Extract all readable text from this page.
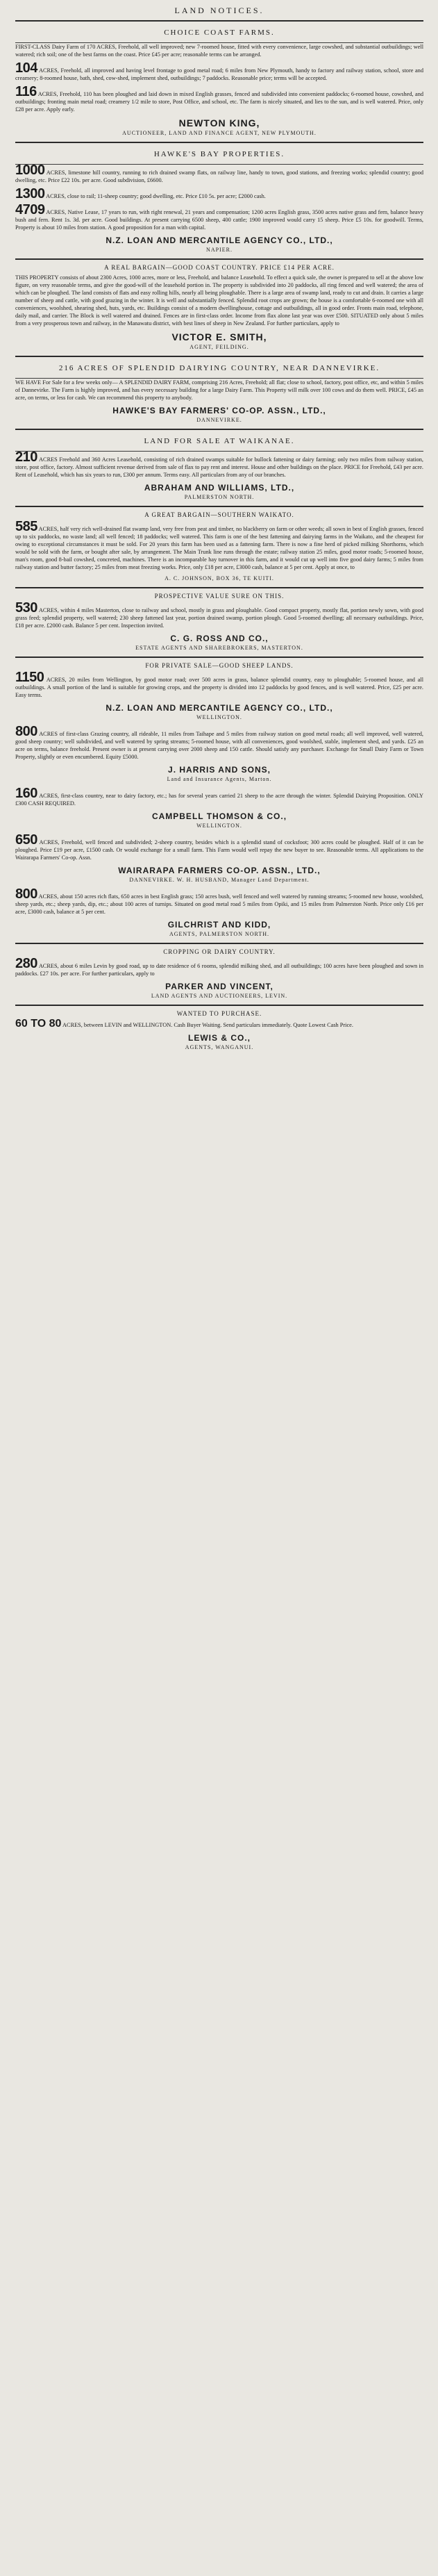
LAND NOTICES.
CHOICE COAST FARMS.

FIRST-CLASS Dairy Farm of 170 ACRES, Freehold, all well improved; new 7-roomed house, fitted with every convenience, large cowshed, and substantial outbuildings; well watered; rich soil; one of the best farms on the coast. Price £45 per acre; reasonable terms can be arranged.

104 ACRES, Freehold, all improved and having level frontage to good metal road; 6 miles from New Plymouth, handy to factory and railway station, school, store and creamery; 8-roomed house, bath, shed, cow-shed, implement shed, outbuildings; 7 paddocks. Reasonable price; terms will be accepted.

116 ACRES, Freehold, 110 has been ploughed and laid down in mixed English grasses, fenced and subdivided into convenient paddocks; 6-roomed house, cowshed, and outbuildings; fronting main metal road; creamery 1/2 mile to store, Post Office, and school, etc. The farm is nicely situated, and lies to the sun, and is well watered. Price, only £28 per acre. Apply early.

NEWTON KING,
AUCTIONEER, LAND AND FINANCE AGENT, NEW PLYMOUTH.
HAWKE'S BAY PROPERTIES.

1000 ACRES, limestone hill country, running to rich drained swamp flats, on railway line, handy to town, good stations, and freezing works; splendid country; good dwelling, etc. Price £22 10s. per acre. Good subdivision, £6600.

1300 ACRES, close to rail; 11-sheep country; good dwelling, etc. Price £10 5s. per acre; £2000 cash.

4709 ACRES, Native Lease, 17 years to run, with right renewal, 21 years and compensation; 1200 acres English grass, 3500 acres native grass and fern, balance heavy bush and fern. Rent 1s. 3d. per acre. Good buildings. At present carrying 6500 sheep, 400 cattle; 1900 improved would carry 15 sheep. Price £5 10s. for goodwill. Terms, Property is about 10 miles from station. A good proposition for a man with capital.

N.Z. LOAN AND MERCANTILE AGENCY CO., LTD.,
NAPIER.
A REAL BARGAIN—GOOD COAST COUNTRY. PRICE £14 PER ACRE.

THIS PROPERTY consists of about 2300 Acres, 1000 acres, more or less, Freehold, and balance Leasehold. To effect a quick sale, the owner is prepared to sell at the above low figure, on very reasonable terms, and give the good-will of the leasehold portion in. The property is subdivided into 20 paddocks, all ring fenced and well watered; the area of which can be ploughed. The land consists of flats and easy rolling hills, nearly all being ploughable. There is a large area of swamp land, ready to cut and drain. It carries a large number of sheep and cattle, with good grazing in the winter. It is well and substantially fenced. Splendid root crops are grown; the house is a comfortable 6-roomed one with all conveniences, woolshed, shearing shed, huts, yards, etc. Buildings consist of a modern dwellinghouse, cottage and outbuildings, all in good order. Fronts main road, telephone, daily mail, and carrier. The Block is well watered and drained. Fences are in first-class order. Income from flax alone last year was over £500. SITUATED only about 5 miles from a very prosperous town and railway, in the Manawatu district, with best lines of sheep in New Zealand. For further particulars, apply to

VICTOR E. SMITH,
AGENT, FEILDING.
216 ACRES OF SPLENDID DAIRYING COUNTRY, NEAR DANNEVIRKE.

WE HAVE For Sale for a few weeks only— A SPLENDID DAIRY FARM, comprising 216 Acres, Freehold; all flat; close to school, factory, post office, etc, and within 5 miles of Dannevirke. The Farm is highly improved, and has every necessary building for a large Dairy Farm. This Property will milk over 100 cows and do them well. PRICE, £45 an acre, on terms, or less for cash. We can recommend this property to anybody.

HAWKE'S BAY FARMERS' CO-OP. ASSN., LTD.,
DANNEVIRKE.
LAND FOR SALE AT WAIKANAE.

210 ACRES Freehold and 360 Acres Leasehold, consisting of rich drained swamps suitable for bullock fattening or dairy farming; only two miles from railway station, store, post office, factory. Almost sufficient revenue derived from sale of flax to pay rent and interest. House and other buildings on the place. PRICE for Freehold, £43 per acre. Rent of Leasehold, which has six years to run, £300 per annum. Terms easy. All particulars from any of our branches.

ABRAHAM AND WILLIAMS, LTD.,
PALMERSTON NORTH.
A GREAT BARGAIN—SOUTHERN WAIKATO.

585 ACRES, half very rich well-drained flat swamp land, very free from peat and timber, no blackberry on farm or other weeds; all sown in best of English grasses, fenced up to six paddocks, no waste land; all well fenced; 18 paddocks; well watered. This farm is one of the best fattening and dairying farms in the Waikato, and the cheapest for owing to exceptional circumstances it must be sold. For 20 years this farm has been used as a fattening farm. There is now a fine herd of picked milking Shorthorns, which would be sold with the farm, or bought after sale, by arrangement. The Main Trunk line runs through the estate; railway station 25 miles, good motor roads; 5-roomed house, man's room, good 8-bail cowshed, concreted, machines. There is an incomparable hay turnover in this farm, and it would cut up well into five good dairy farms; 5 miles from railway station and butter factory; 25 miles from meat freezing works. Price, only £18 per acre, £3000 cash, balance at 5 per cent. Apply at once, to

A. C. JOHNSON, BOX 36, TE KUITI.
PROSPECTIVE VALUE SURE ON THIS.

530 ACRES, within 4 miles Masterton, close to railway and school, mostly in grass and ploughable. Good compact property, mostly flat, portion newly sown, with good grass feed; splendid property, well watered; 230 sheep fattened last year, portion drained swamp, portion plough. Good 5-roomed dwelling; all necessary outbuildings. Price, £18 per acre. £2000 cash. Balance 5 per cent. Inspection invited.

C. G. ROSS AND CO.,
ESTATE AGENTS AND SHAREBROKERS, MASTERTON.
FOR PRIVATE SALE—GOOD SHEEP LANDS.

1150 ACRES, 20 miles from Wellington, by good motor road; over 500 acres in grass, balance splendid country, easy to ploughable; 5-roomed house, and all outbuildings. A small portion of the land is suitable for growing crops, and the property is divided into 12 paddocks by good fences, and is well watered. Price, £25 per acre. Easy terms.

N.Z. LOAN AND MERCANTILE AGENCY CO., LTD.,
WELLINGTON.

800 ACRES of first-class Grazing country, all rideable, 11 miles from Taihape and 5 miles from railway station on good metal roads; all well improved, well watered, good sheep country; well subdivided, and well watered by spring streams; 5-roomed house, with all conveniences, good woolshed, stable, implement shed, and yards. £25 an acre on terms, balance freehold. Present owner is at present carrying over 2000 sheep and 150 cattle. Should satisfy any purchaser. Exchange for Small Dairy Farm or Town Property, slightly or even encumbered. Equity £5000.

J. HARRIS AND SONS,
Land and Insurance Agents, Marton.

160 ACRES, first-class country, near to dairy factory, etc.; has for several years carried 21 sheep to the acre through the winter. Splendid Dairying Proposition. ONLY £300 CASH REQUIRED.

CAMPBELL THOMSON & CO.,
WELLINGTON.

650 ACRES, Freehold, well fenced and subdivided; 2-sheep country, besides which is a splendid stand of cocksfoot; 300 acres could be ploughed. Half of it can be ploughed. Price £19 per acre, £1500 cash. Or would exchange for a small farm. This Farm would well repay the new buyer to see. Reasonable terms. All applications to the Wairarapa Farmers' Co-op. Assn.

WAIRARAPA FARMERS CO-OP. ASSN., LTD.,
DANNEVIRKE. W. H. HUSBAND, Manager Land Department.

800 ACRES, about 150 acres rich flats, 650 acres in best English grass; 150 acres bush, well fenced and well watered by running streams; 5-roomed new house, woolshed, sheep yards, etc.; sheep yards, dip, etc.; about 100 acres of turnips. Situated on good metal road 5 miles from Opiki, and 15 miles from Palmerston North. Price only £16 per acre, £3000 cash, balance at 5 per cent.

GILCHRIST AND KIDD,
AGENTS, PALMERSTON NORTH.
CROPPING OR DAIRY COUNTRY.

280 ACRES, about 6 miles Levin by good road, up to date residence of 6 rooms, splendid milking shed, and all outbuildings; 100 acres have been ploughed and sown in paddocks. £27 10s. per acre. For further particulars, apply to

PARKER AND VINCENT,
LAND AGENTS AND AUCTIONEERS, LEVIN.
WANTED TO PURCHASE.

60 TO 80 ACRES, between LEVIN and WELLINGTON. Cash Buyer Waiting. Send particulars immediately. Quote Lowest Cash Price.

LEWIS & CO.,
AGENTS, WANGANUI.
